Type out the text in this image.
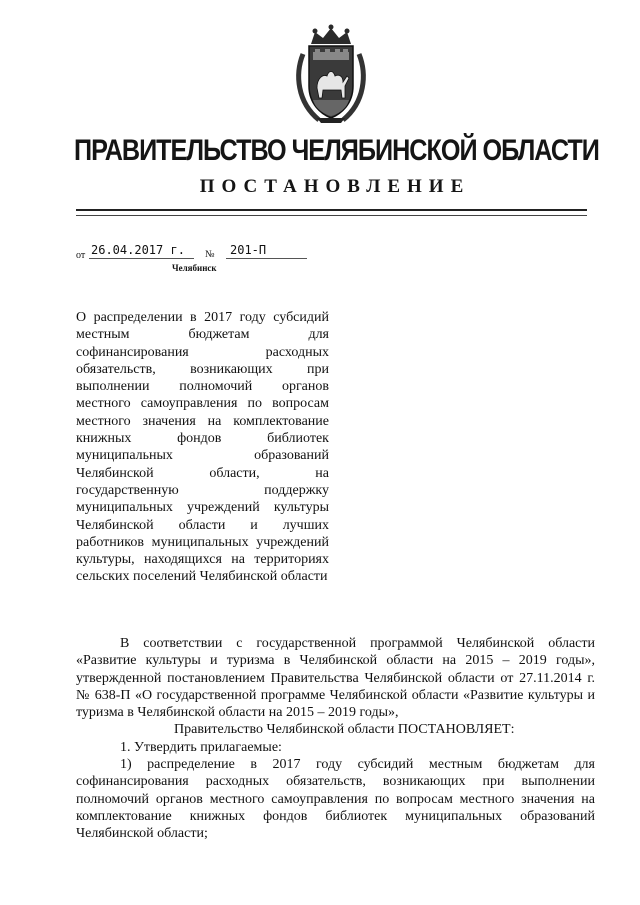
ПРАВИТЕЛЬСТВО ЧЕЛЯБИНСКОЙ ОБЛАСТИ
ПОСТАНОВЛЕНИЕ
от 26.04.2017 г.	№	201-П
Челябинск
О распределении в 2017 году субсидий местным бюджетам для софинансирования расходных обязательств, возникающих при выполнении полномочий органов местного самоуправления по вопросам местного значения на комплектование книжных фондов библиотек муниципальных образований Челябинской области, на государственную поддержку муниципальных учреждений культуры Челябинской области и лучших работников муниципальных учреждений культуры, находящихся на территориях сельских поселений Челябинской области

В соответствии с государственной программой Челябинской области «Развитие культуры и туризма в Челябинской области на 2015 – 2019 годы», утвержденной постановлением Правительства Челябинской области от 27.11.2014 г. № 638-П «О государственной программе Челябинской области «Развитие культуры и туризма в Челябинской области на 2015 – 2019 годы»,

Правительство Челябинской области ПОСТАНОВЛЯЕТ:

1. Утвердить прилагаемые:

1) распределение в 2017 году субсидий местным бюджетам для софинансирования расходных обязательств, возникающих при выполнении полномочий органов местного самоуправления по вопросам местного значения на комплектование книжных фондов библиотек муниципальных образований Челябинской области;
